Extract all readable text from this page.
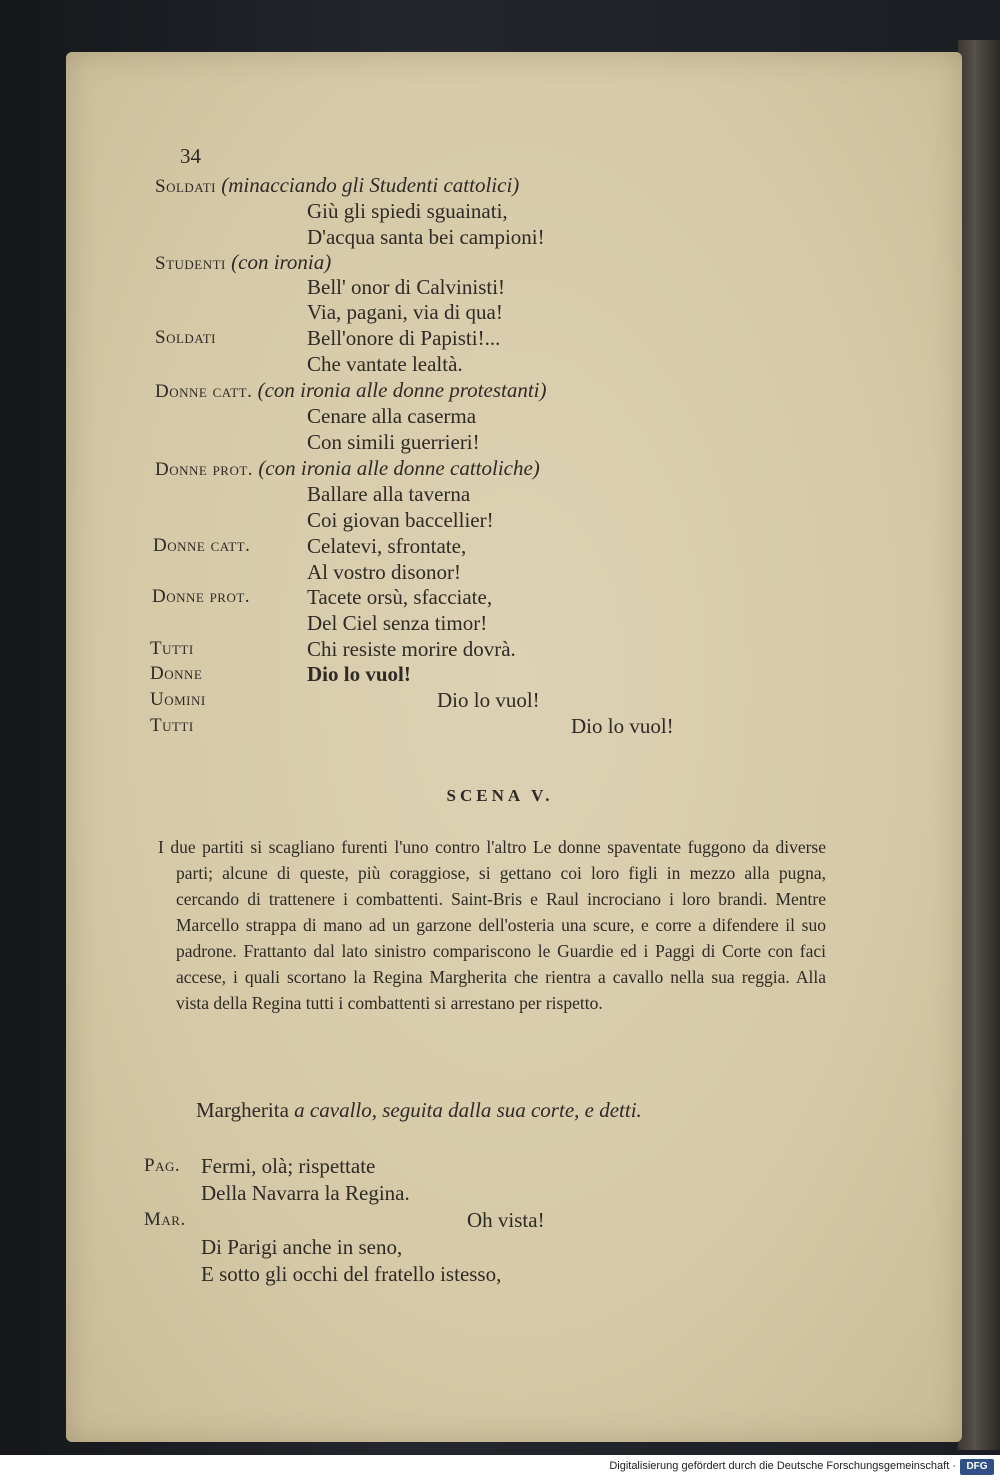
34
Soldati (minacciando gli Studenti cattolici)
Giù gli spiedi sguainati,
D'acqua santa bei campioni!
Studenti (con ironia)
Bell' onor di Calvinisti!
Via, pagani, via di qua!
Soldati	Bell'onore di Papisti!...
Che vantate lealtà.
Donne catt. (con ironia alle donne protestanti)
Cenare alla caserma
Con simili guerrieri!
Donne prot. (con ironia alle donne cattoliche)
Ballare alla taverna
Coi giovan baccellier!
Donne catt.	Celatevi, sfrontate,
Al vostro disonor!
Donne prot.	Tacete orsù, sfacciate,
Del Ciel senza timor!
Tutti	Chi resiste morire dovrà.
Donne	Dio lo vuol!
Uomini	Dio lo vuol!
Tutti	Dio lo vuol!
SCENA V.

I due partiti si scagliano furenti l'uno contro l'altro Le donne spaventate fuggono da diverse parti; alcune di queste, più coraggiose, si gettano coi loro figli in mezzo alla pugna, cercando di trattenere i combattenti. Saint-Bris e Raul incrociano i loro brandi. Mentre Marcello strappa di mano ad un garzone dell'osteria una scure, e corre a difendere il suo padrone. Frattanto dal lato sinistro compariscono le Guardie ed i Paggi di Corte con faci accese, i quali scortano la Regina Margherita che rientra a cavallo nella sua reggia. Alla vista della Regina tutti i combattenti si arrestano per rispetto.

Margherita a cavallo, seguita dalla sua corte, e detti.
Pag. Fermi, olà; rispettate
Della Navarra la Regina.
Mar.	Oh vista!
Di Parigi anche in seno,
E sotto gli occhi del fratello istesso,
Digitalisierung gefördert durch die Deutsche Forschungsgemeinschaft ·	DFG
